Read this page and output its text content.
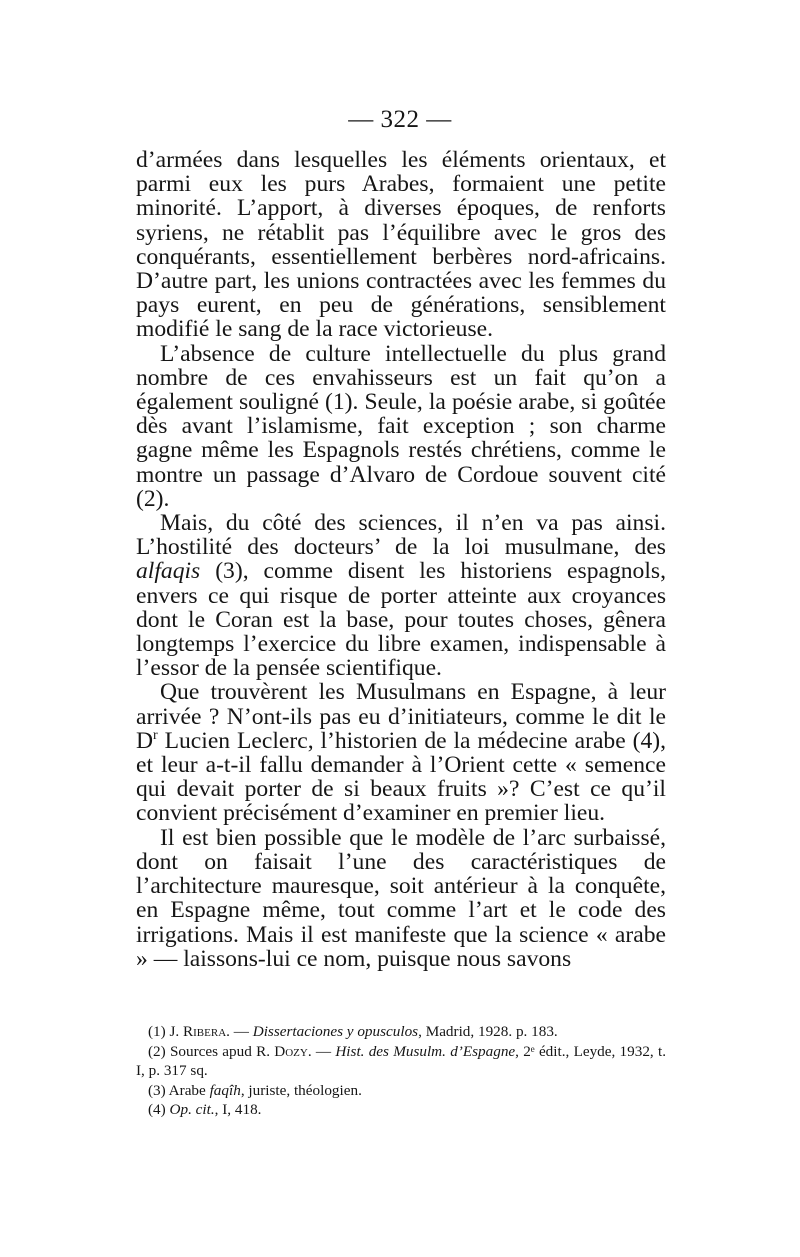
— 322 —

d’armées dans lesquelles les éléments orientaux, et parmi eux les purs Arabes, formaient une petite minorité. L’apport, à diverses époques, de renforts syriens, ne rétablit pas l’équilibre avec le gros des conquérants, essentiellement berbères nord-africains. D’autre part, les unions contractées avec les femmes du pays eurent, en peu de générations, sensiblement modifié le sang de la race victorieuse.

L’absence de culture intellectuelle du plus grand nombre de ces envahisseurs est un fait qu’on a également souligné (1). Seule, la poésie arabe, si goûtée dès avant l’islamisme, fait exception ; son charme gagne même les Espagnols restés chrétiens, comme le montre un passage d’Alvaro de Cordoue souvent cité (2).

Mais, du côté des sciences, il n’en va pas ainsi. L’hostilité des docteurs’ de la loi musulmane, des alfaqis (3), comme disent les historiens espagnols, envers ce qui risque de porter atteinte aux croyances dont le Coran est la base, pour toutes choses, gênera longtemps l’exercice du libre examen, indispensable à l’essor de la pensée scientifique.

Que trouvèrent les Musulmans en Espagne, à leur arrivée ? N’ont-ils pas eu d’initiateurs, comme le dit le $D^r$ Lucien Leclerc, l’historien de la médecine arabe (4), et leur a-t-il fallu demander à l’Orient cette « semence qui devait porter de si beaux fruits »? C’est ce qu’il convient précisément d’examiner en premier lieu.

Il est bien possible que le modèle de l’arc surbaissé, dont on faisait l’une des caractéristiques de l’architecture mauresque, soit antérieur à la conquête, en Espagne même, tout comme l’art et le code des irrigations. Mais il est manifeste que la science « arabe » — laissons-lui ce nom, puisque nous savons

(1) J. Ribera. — Dissertaciones y opusculos, Madrid, 1928. p. 183.

(2) Sources apud R. Dozy. — Hist. des Musulm. d’Espagne, 2ᵉ édit., Leyde, 1932, t. I, p. 317 sq.

(3) Arabe faqîh, juriste, théologien.

(4) Op. cit., I, 418.
